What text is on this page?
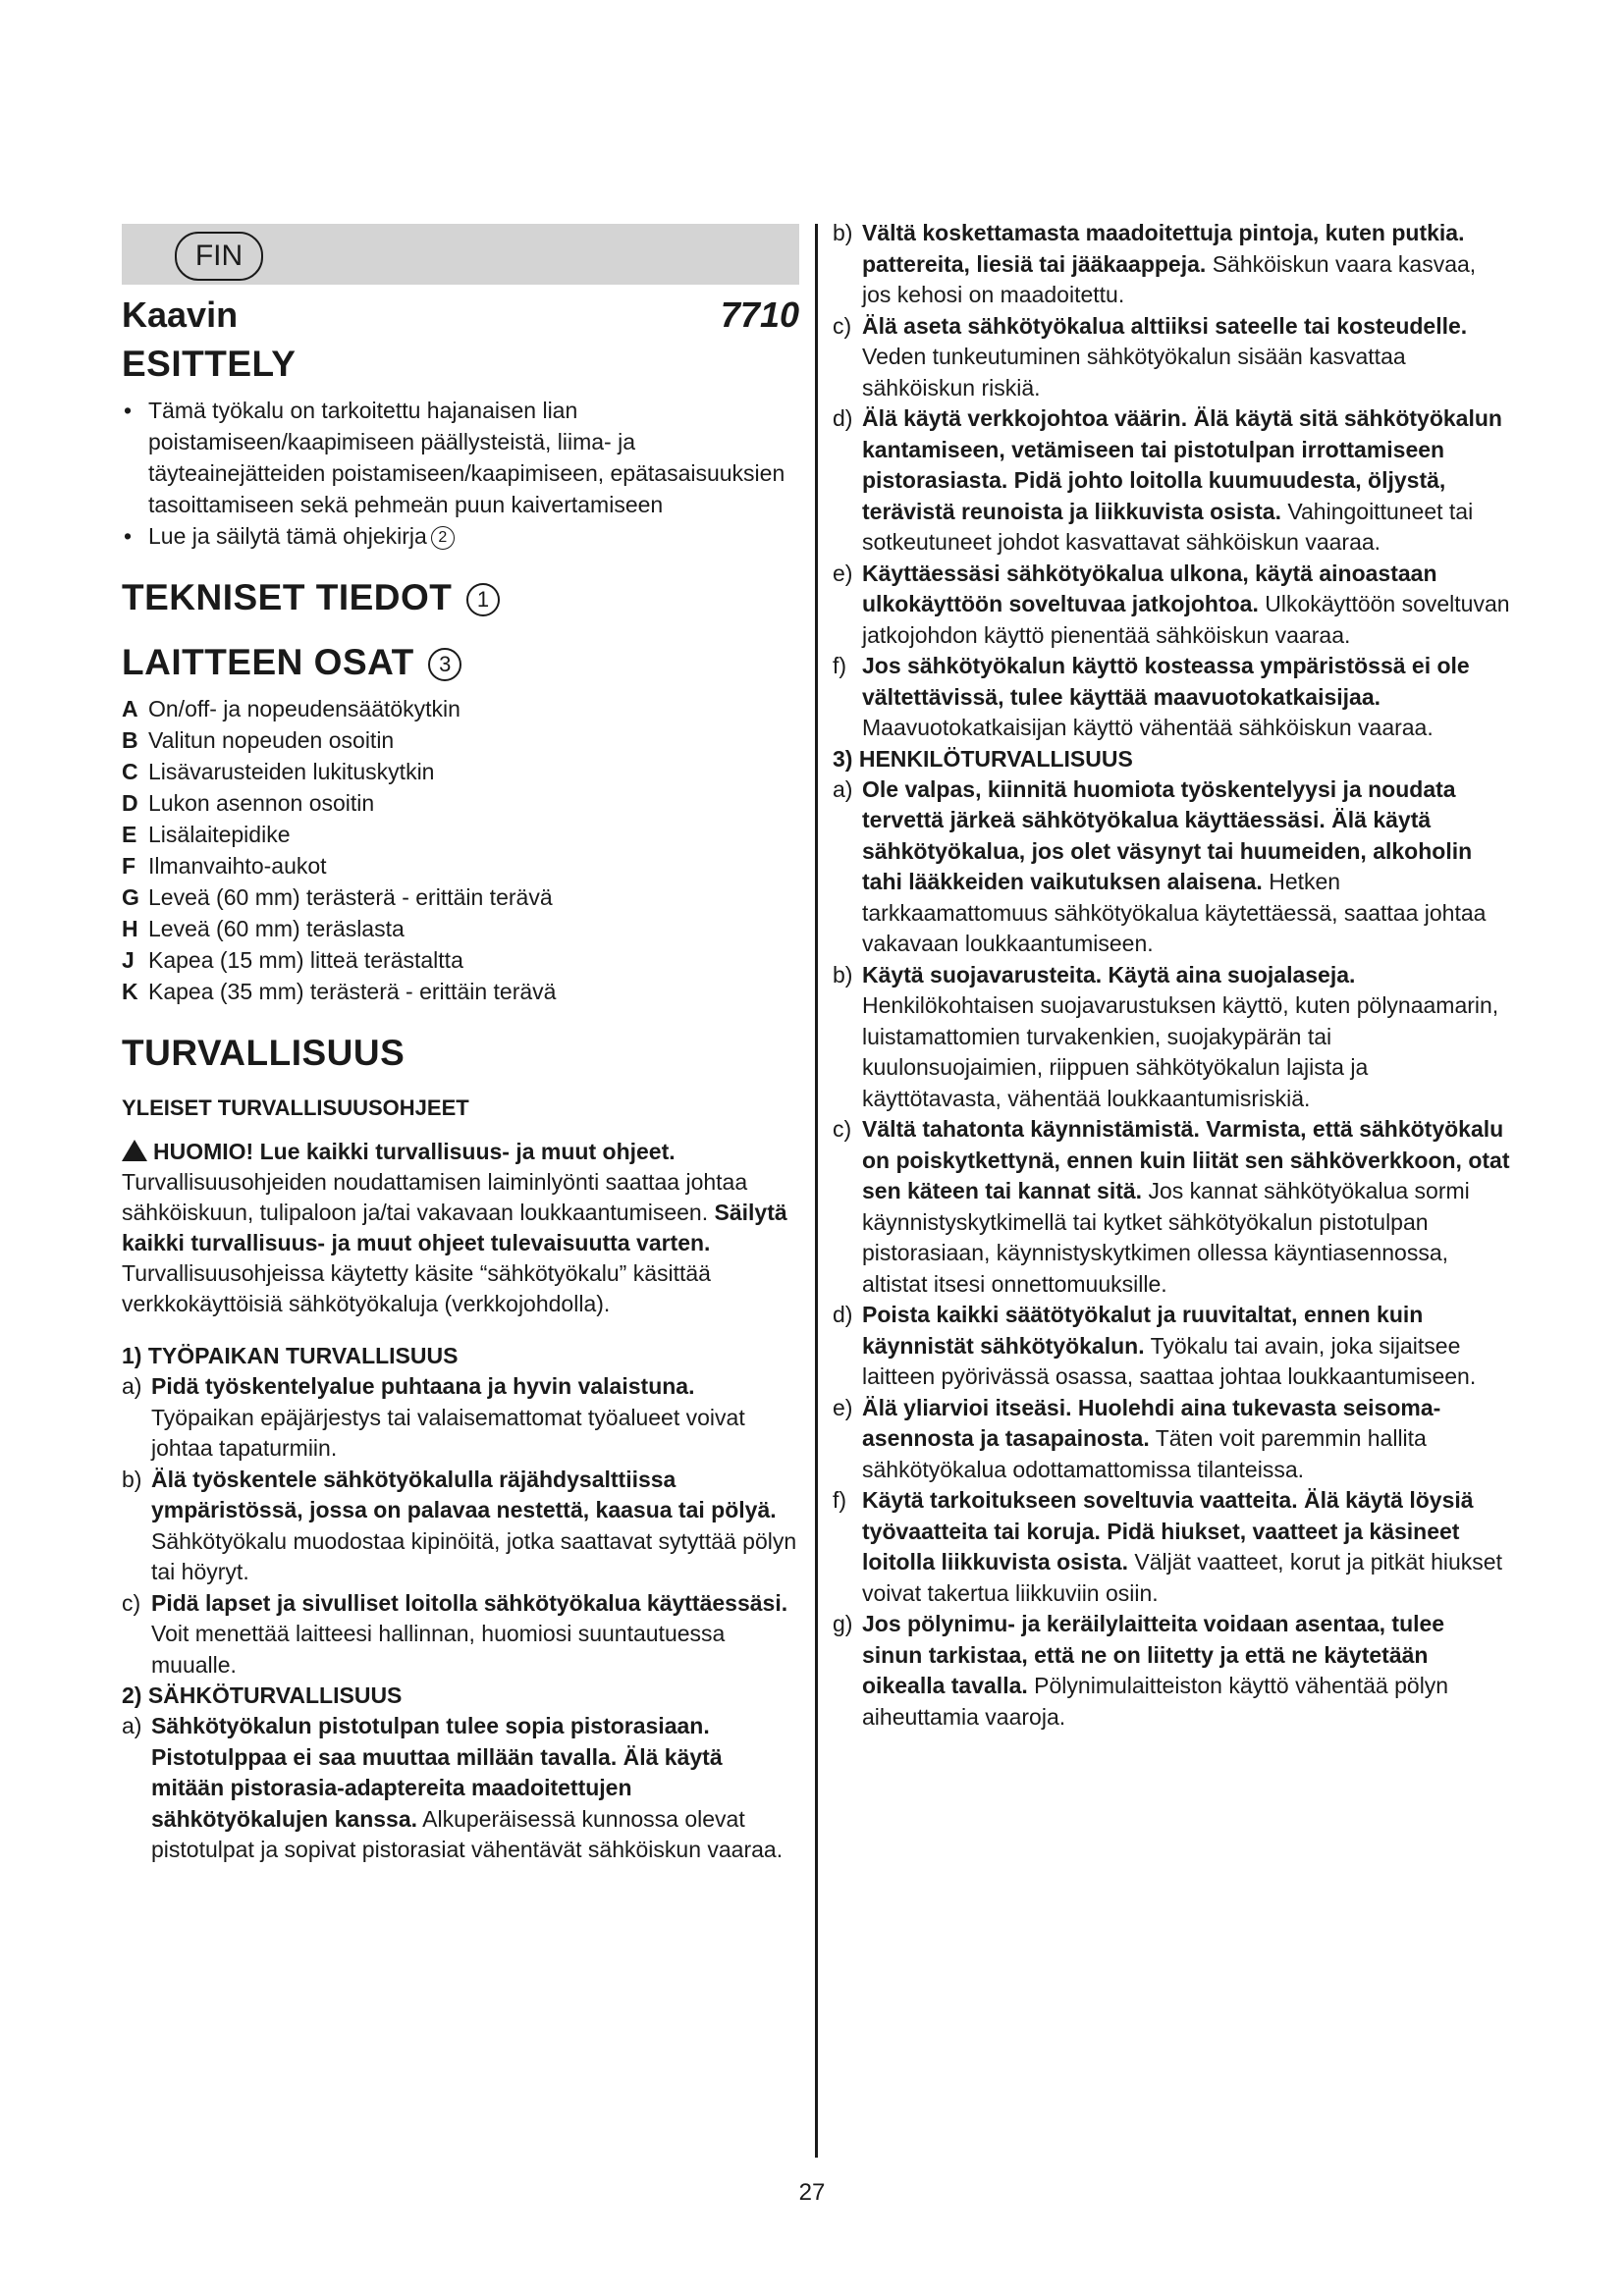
FIN
Kaavin	7710
ESITTELY
• Tämä työkalu on tarkoitettu hajanaisen lian poistamiseen/kaapimiseen päällysteistä, liima- ja täyteainejätteiden poistamiseen/kaapimiseen, epätasaisuuksien tasoittamiseen sekä pehmeän puun kaivertamiseen
• Lue ja säilytä tämä ohjekirja 2
TEKNISET TIEDOT 1
LAITTEEN OSAT 3
A On/off- ja nopeudensäätökytkin
B Valitun nopeuden osoitin
C Lisävarusteiden lukituskytkin
D Lukon asennon osoitin
E Lisälaitepidike
F Ilmanvaihto-aukot
G Leveä (60 mm) terästerä - erittäin terävä
H Leveä (60 mm) teräslasta
J Kapea (15 mm) litteä terästaltta
K Kapea (35 mm) terästerä - erittäin terävä
TURVALLISUUS
YLEISET TURVALLISUUSOHJEET

HUOMIO! Lue kaikki turvallisuus- ja muut ohjeet.
Turvallisuusohjeiden noudattamisen laiminlyönti saattaa johtaa sähköiskuun, tulipaloon ja/tai vakavaan loukkaantumiseen. Säilytä kaikki turvallisuus- ja muut ohjeet tulevaisuutta varten. Turvallisuusohjeissa käytetty käsite “sähkötyökalu” käsittää verkkokäyttöisiä sähkötyökaluja (verkkojohdolla).

1) TYÖPAIKAN TURVALLISUUS
a) Pidä työskentelyalue puhtaana ja hyvin valaistuna. Työpaikan epäjärjestys tai valaisemattomat työalueet voivat johtaa tapaturmiin.
b) Älä työskentele sähkötyökalulla räjähdysalttiissa ympäristössä, jossa on palavaa nestettä, kaasua tai pölyä. Sähkötyökalu muodostaa kipinöitä, jotka saattavat sytyttää pölyn tai höyryt.
c) Pidä lapset ja sivulliset loitolla sähkötyökalua käyttäessäsi. Voit menettää laitteesi hallinnan, huomiosi suuntautuessa muualle.
2) SÄHKÖTURVALLISUUS
a) Sähkötyökalun pistotulpan tulee sopia pistorasiaan. Pistotulppaa ei saa muuttaa millään tavalla. Älä käytä mitään pistorasia-adaptereita maadoitettujen sähkötyökalujen kanssa. Alkuperäisessä kunnossa olevat pistotulpat ja sopivat pistorasiat vähentävät sähköiskun vaaraa.
b) Vältä koskettamasta maadoitettuja pintoja, kuten putkia. pattereita, liesiä tai jääkaappeja. Sähköiskun vaara kasvaa, jos kehosi on maadoitettu.
c) Älä aseta sähkötyökalua alttiiksi sateelle tai kosteudelle. Veden tunkeutuminen sähkötyökalun sisään kasvattaa sähköiskun riskiä.
d) Älä käytä verkkojohtoa väärin. Älä käytä sitä sähkötyökalun kantamiseen, vetämiseen tai pistotulpan irrottamiseen pistorasiasta. Pidä johto loitolla kuumuudesta, öljystä, terävistä reunoista ja liikkuvista osista. Vahingoittuneet tai sotkeutuneet johdot kasvattavat sähköiskun vaaraa.
e) Käyttäessäsi sähkötyökalua ulkona, käytä ainoastaan ulkokäyttöön soveltuvaa jatkojohtoa. Ulkokäyttöön soveltuvan jatkojohdon käyttö pienentää sähköiskun vaaraa.
f) Jos sähkötyökalun käyttö kosteassa ympäristössä ei ole vältettävissä, tulee käyttää maavuotokatkaisijaa. Maavuotokatkaisijan käyttö vähentää sähköiskun vaaraa.
3) HENKILÖTURVALLISUUS
a) Ole valpas, kiinnitä huomiota työskentelyysi ja noudata tervettä järkeä sähkötyökalua käyttäessäsi. Älä käytä sähkötyökalua, jos olet väsynyt tai huumeiden, alkoholin tahi lääkkeiden vaikutuksen alaisena. Hetken tarkkaamattomuus sähkötyökalua käytettäessä, saattaa johtaa vakavaan loukkaantumiseen.
b) Käytä suojavarusteita. Käytä aina suojalaseja. Henkilökohtaisen suojavarustuksen käyttö, kuten pölynaamarin, luistamattomien turvakenkien, suojakypärän tai kuulonsuojaimien, riippuen sähkötyökalun lajista ja käyttötavasta, vähentää loukkaantumisriskiä.
c) Vältä tahatonta käynnistämistä. Varmista, että sähkötyökalu on poiskytkettynä, ennen kuin liität sen sähköverkkoon, otat sen käteen tai kannat sitä. Jos kannat sähkötyökalua sormi käynnistyskytkimellä tai kytket sähkötyökalun pistotulpan pistorasiaan, käynnistyskytkimen ollessa käyntiasennossa, altistat itsesi onnettomuuksille.
d) Poista kaikki säätötyökalut ja ruuvitaltat, ennen kuin käynnistät sähkötyökalun. Työkalu tai avain, joka sijaitsee laitteen pyörivässä osassa, saattaa johtaa loukkaantumiseen.
e) Älä yliarvioi itseäsi. Huolehdi aina tukevasta seisoma-asennosta ja tasapainosta. Täten voit paremmin hallita sähkötyökalua odottamattomissa tilanteissa.
f) Käytä tarkoitukseen soveltuvia vaatteita. Älä käytä löysiä työvaatteita tai koruja. Pidä hiukset, vaatteet ja käsineet loitolla liikkuvista osista. Väljät vaatteet, korut ja pitkät hiukset voivat takertua liikkuviin osiin.
g) Jos pölynimu- ja keräilylaitteita voidaan asentaa, tulee sinun tarkistaa, että ne on liitetty ja että ne käytetään oikealla tavalla. Pölynimulaitteiston käyttö vähentää pölyn aiheuttamia vaaroja.
27
